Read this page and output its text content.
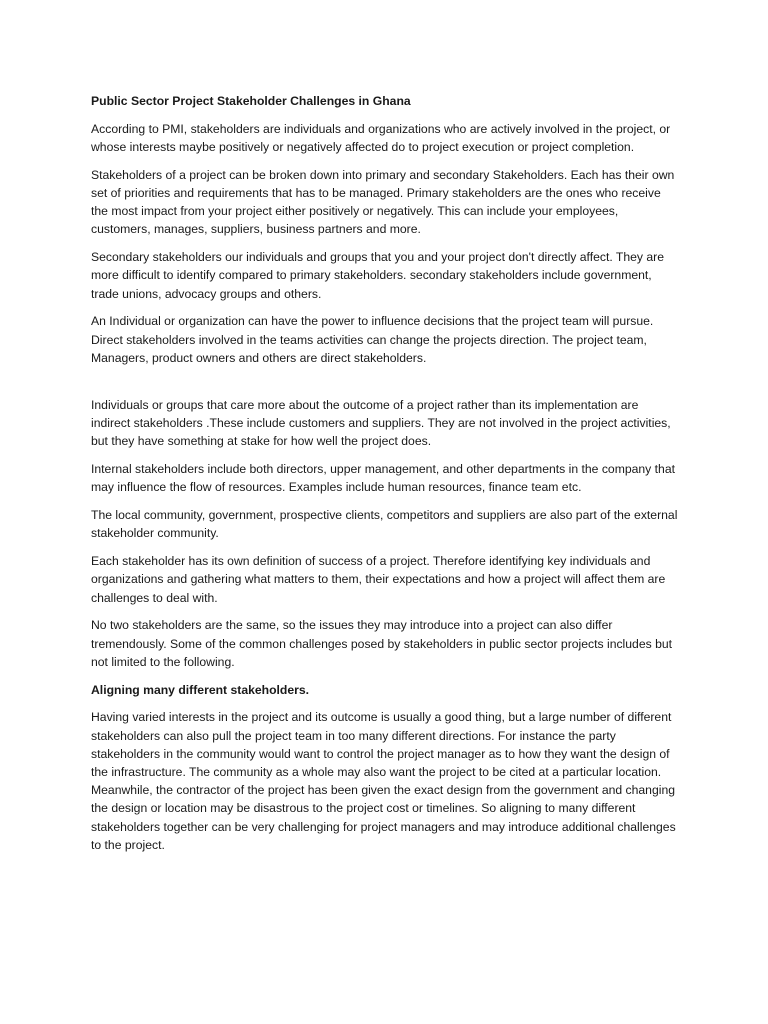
Public Sector Project Stakeholder Challenges in Ghana

According to PMI, stakeholders are individuals and organizations who are actively involved in the project, or whose interests maybe positively or negatively affected do to project execution or project completion.

Stakeholders of a project can be broken down into primary and secondary Stakeholders. Each has their own set of priorities and requirements that has to be managed. Primary stakeholders are the ones who receive the most impact from your project either positively or negatively. This can include your employees, customers, manages, suppliers, business partners and more.

Secondary stakeholders our individuals and groups that you and your project don't directly affect. They are more difficult to identify compared to primary stakeholders. secondary stakeholders include government, trade unions, advocacy groups and others.

An Individual or organization can have the power to influence decisions that the project team will pursue. Direct stakeholders involved in the teams activities can change the projects direction. The project team, Managers, product owners and others are direct stakeholders.

Individuals or groups that care more about the outcome of a project rather than its implementation are indirect stakeholders .These include customers and suppliers. They are not involved in the project activities, but they have something at stake for how well the project does.

Internal stakeholders include both directors, upper management, and other departments in the company that may influence the flow of resources. Examples include human resources, finance team etc.

The local community, government, prospective clients, competitors and suppliers are also part of the external stakeholder community.

Each stakeholder has its own definition of success of a project. Therefore identifying key individuals and organizations and gathering what matters to them, their expectations and how a project will affect them are challenges to deal with.

No two stakeholders are the same, so the issues they may introduce into a project can also differ tremendously. Some of the common challenges posed by stakeholders in public sector projects includes but not limited to the following.

Aligning many different stakeholders.

Having varied interests in the project and its outcome is usually a good thing, but a large number of different stakeholders can also pull the project team in too many different directions. For instance the party stakeholders in the community would want to control the project manager as to how they want the design of the infrastructure. The community as a whole may also want the project to be cited at a particular location. Meanwhile, the contractor of the project has been given the exact design from the government and changing the design or location may be disastrous to the project cost or timelines. So aligning to many different stakeholders together can be very challenging for project managers and may introduce additional challenges to the project.
